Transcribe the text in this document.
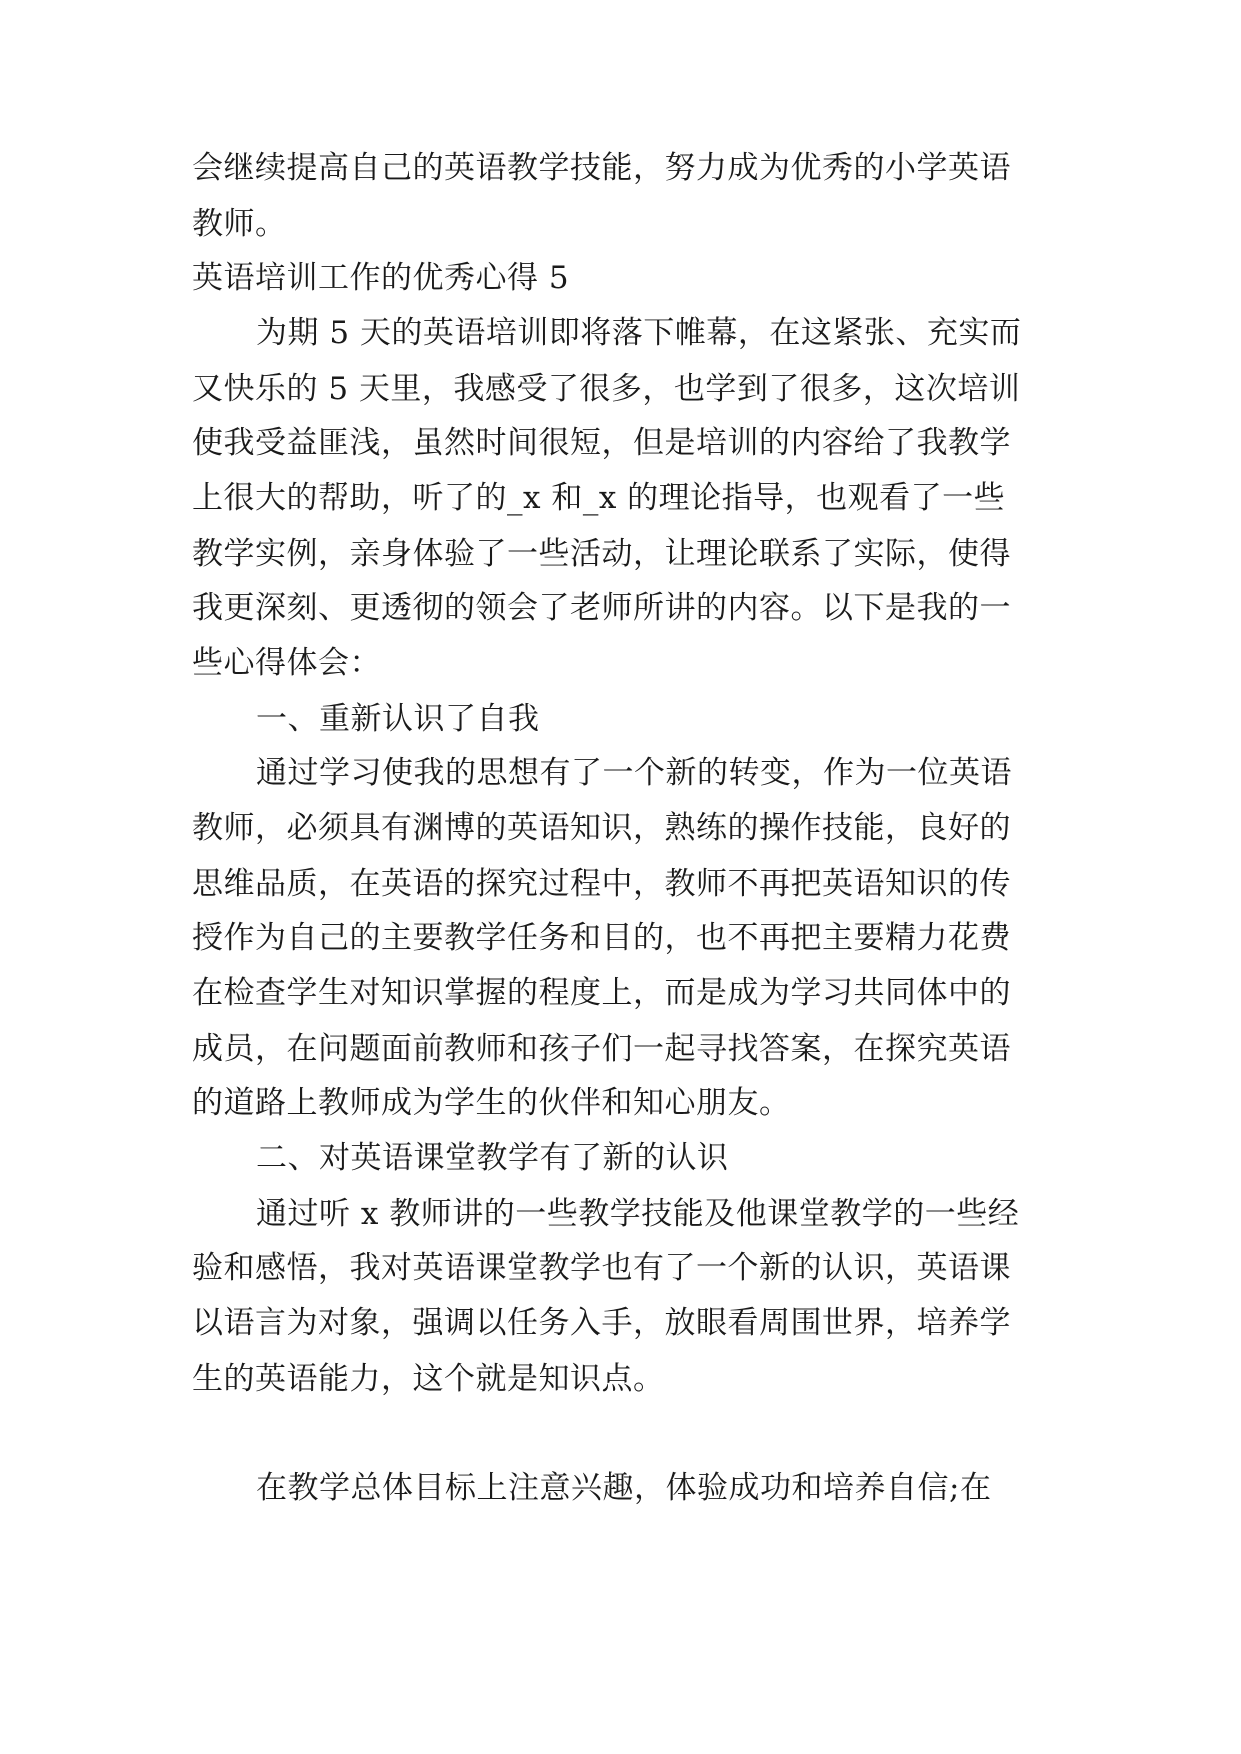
会继续提高自己的英语教学技能，努力成为优秀的小学英语
教师。
英语培训工作的优秀心得 5
为期 5 天的英语培训即将落下帷幕，在这紧张、充实而
又快乐的 5 天里，我感受了很多，也学到了很多，这次培训
使我受益匪浅，虽然时间很短，但是培训的内容给了我教学
上很大的帮助，听了的_x 和_x 的理论指导，也观看了一些
教学实例，亲身体验了一些活动，让理论联系了实际，使得
我更深刻、更透彻的领会了老师所讲的内容。以下是我的一
些心得体会：
一、重新认识了自我
通过学习使我的思想有了一个新的转变，作为一位英语
教师，必须具有渊博的英语知识，熟练的操作技能，良好的
思维品质，在英语的探究过程中，教师不再把英语知识的传
授作为自己的主要教学任务和目的，也不再把主要精力花费
在检查学生对知识掌握的程度上，而是成为学习共同体中的
成员，在问题面前教师和孩子们一起寻找答案，在探究英语
的道路上教师成为学生的伙伴和知心朋友。
二、对英语课堂教学有了新的认识
通过听 x 教师讲的一些教学技能及他课堂教学的一些经
验和感悟，我对英语课堂教学也有了一个新的认识，英语课
以语言为对象，强调以任务入手，放眼看周围世界，培养学
生的英语能力，这个就是知识点。
在教学总体目标上注意兴趣，体验成功和培养自信;在
